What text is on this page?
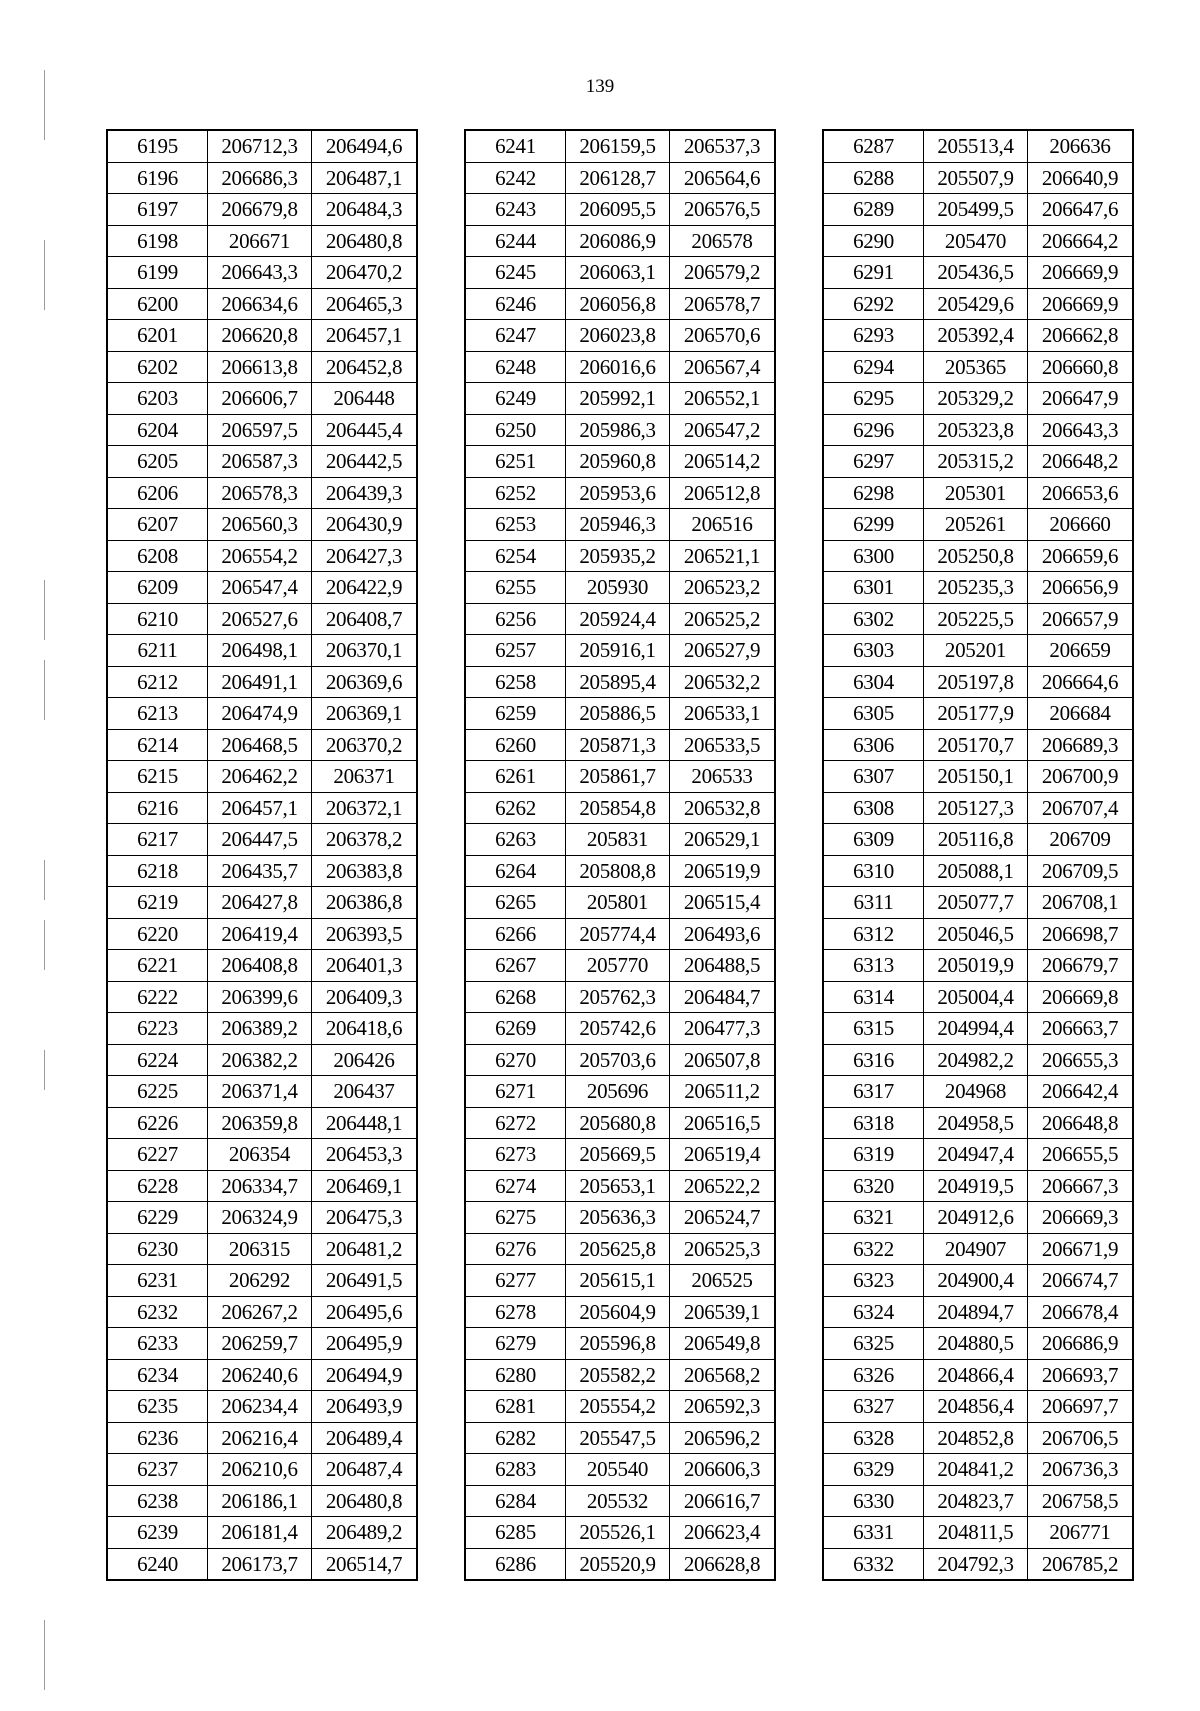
139
6195	206712,3	206494,6
6196	206686,3	206487,1
6197	206679,8	206484,3
6198	206671	206480,8
6199	206643,3	206470,2
6200	206634,6	206465,3
6201	206620,8	206457,1
6202	206613,8	206452,8
6203	206606,7	206448
6204	206597,5	206445,4
6205	206587,3	206442,5
6206	206578,3	206439,3
6207	206560,3	206430,9
6208	206554,2	206427,3
6209	206547,4	206422,9
6210	206527,6	206408,7
6211	206498,1	206370,1
6212	206491,1	206369,6
6213	206474,9	206369,1
6214	206468,5	206370,2
6215	206462,2	206371
6216	206457,1	206372,1
6217	206447,5	206378,2
6218	206435,7	206383,8
6219	206427,8	206386,8
6220	206419,4	206393,5
6221	206408,8	206401,3
6222	206399,6	206409,3
6223	206389,2	206418,6
6224	206382,2	206426
6225	206371,4	206437
6226	206359,8	206448,1
6227	206354	206453,3
6228	206334,7	206469,1
6229	206324,9	206475,3
6230	206315	206481,2
6231	206292	206491,5
6232	206267,2	206495,6
6233	206259,7	206495,9
6234	206240,6	206494,9
6235	206234,4	206493,9
6236	206216,4	206489,4
6237	206210,6	206487,4
6238	206186,1	206480,8
6239	206181,4	206489,2
6240	206173,7	206514,7
6241	206159,5	206537,3
6242	206128,7	206564,6
6243	206095,5	206576,5
6244	206086,9	206578
6245	206063,1	206579,2
6246	206056,8	206578,7
6247	206023,8	206570,6
6248	206016,6	206567,4
6249	205992,1	206552,1
6250	205986,3	206547,2
6251	205960,8	206514,2
6252	205953,6	206512,8
6253	205946,3	206516
6254	205935,2	206521,1
6255	205930	206523,2
6256	205924,4	206525,2
6257	205916,1	206527,9
6258	205895,4	206532,2
6259	205886,5	206533,1
6260	205871,3	206533,5
6261	205861,7	206533
6262	205854,8	206532,8
6263	205831	206529,1
6264	205808,8	206519,9
6265	205801	206515,4
6266	205774,4	206493,6
6267	205770	206488,5
6268	205762,3	206484,7
6269	205742,6	206477,3
6270	205703,6	206507,8
6271	205696	206511,2
6272	205680,8	206516,5
6273	205669,5	206519,4
6274	205653,1	206522,2
6275	205636,3	206524,7
6276	205625,8	206525,3
6277	205615,1	206525
6278	205604,9	206539,1
6279	205596,8	206549,8
6280	205582,2	206568,2
6281	205554,2	206592,3
6282	205547,5	206596,2
6283	205540	206606,3
6284	205532	206616,7
6285	205526,1	206623,4
6286	205520,9	206628,8
6287	205513,4	206636
6288	205507,9	206640,9
6289	205499,5	206647,6
6290	205470	206664,2
6291	205436,5	206669,9
6292	205429,6	206669,9
6293	205392,4	206662,8
6294	205365	206660,8
6295	205329,2	206647,9
6296	205323,8	206643,3
6297	205315,2	206648,2
6298	205301	206653,6
6299	205261	206660
6300	205250,8	206659,6
6301	205235,3	206656,9
6302	205225,5	206657,9
6303	205201	206659
6304	205197,8	206664,6
6305	205177,9	206684
6306	205170,7	206689,3
6307	205150,1	206700,9
6308	205127,3	206707,4
6309	205116,8	206709
6310	205088,1	206709,5
6311	205077,7	206708,1
6312	205046,5	206698,7
6313	205019,9	206679,7
6314	205004,4	206669,8
6315	204994,4	206663,7
6316	204982,2	206655,3
6317	204968	206642,4
6318	204958,5	206648,8
6319	204947,4	206655,5
6320	204919,5	206667,3
6321	204912,6	206669,3
6322	204907	206671,9
6323	204900,4	206674,7
6324	204894,7	206678,4
6325	204880,5	206686,9
6326	204866,4	206693,7
6327	204856,4	206697,7
6328	204852,8	206706,5
6329	204841,2	206736,3
6330	204823,7	206758,5
6331	204811,5	206771
6332	204792,3	206785,2
